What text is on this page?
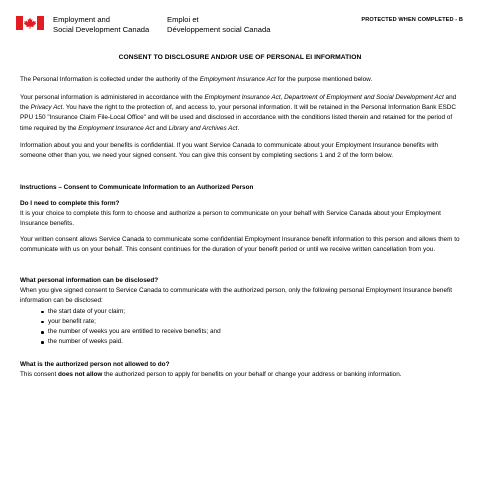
Employment and
Social Development Canada
Emploi et
Développement social Canada
PROTECTED WHEN COMPLETED - B
CONSENT TO DISCLOSURE AND/OR USE OF PERSONAL EI INFORMATION

The Personal Information is collected under the authority of the Employment Insurance Act for the purpose mentioned below.

Your personal information is administered in accordance with the Employment Insurance Act, Department of Employment and Social Development Act and the Privacy Act. You have the right to the protection of, and access to, your personal information. It will be retained in the Personal Information Bank ESDC PPU 150 "Insurance Claim File-Local Office" and will be used and disclosed in accordance with the conditions listed therein and retained for the period of time required by the Employment Insurance Act and Library and Archives Act.

Information about you and your benefits is confidential. If you want Service Canada to communicate about your Employment Insurance benefits with someone other than you, we need your signed consent. You can give this consent by completing sections 1 and 2 of the form below.
Instructions – Consent to Communicate Information to an Authorized Person

Do I need to complete this form?

It is your choice to complete this form to choose and authorize a person to communicate on your behalf with Service Canada about your Employment Insurance benefits.

Your written consent allows Service Canada to communicate some confidential Employment Insurance benefit information to this person and allows them to communicate with us on your behalf. This consent continues for the duration of your benefit period or until we receive written cancellation from you.

What personal information can be disclosed?

When you give signed consent to Service Canada to communicate with the authorized person, only the following personal Employment Insurance benefit information can be disclosed:

the start date of your claim;
your benefit rate;
the number of weeks you are entitled to receive benefits; and
the number of weeks paid.

What is the authorized person not allowed to do?

This consent does not allow the authorized person to apply for benefits on your behalf or change your address or banking information.
